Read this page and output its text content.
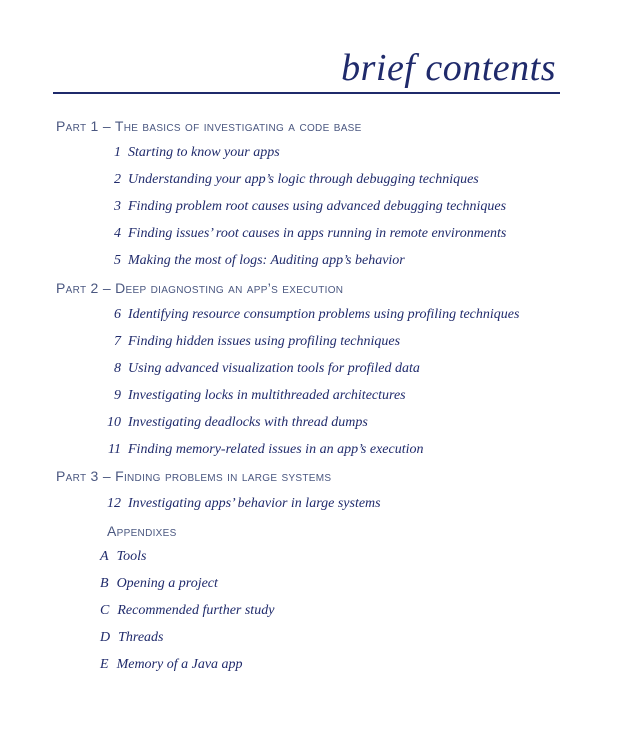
brief contents
Part 1 – The basics of investigating a code base
1 Starting to know your apps
2 Understanding your app’s logic through debugging techniques
3 Finding problem root causes using advanced debugging techniques
4 Finding issues’ root causes in apps running in remote environments
5 Making the most of logs: Auditing app’s behavior
Part 2 – Deep diagnosting an app’s execution
6 Identifying resource consumption problems using profiling techniques
7 Finding hidden issues using profiling techniques
8 Using advanced visualization tools for profiled data
9 Investigating locks in multithreaded architectures
10 Investigating deadlocks with thread dumps
11 Finding memory-related issues in an app’s execution
Part 3 – Finding problems in large systems
12 Investigating apps’ behavior in large systems
Appendixes
A Tools
B Opening a project
C Recommended further study
D Threads
E Memory of a Java app
